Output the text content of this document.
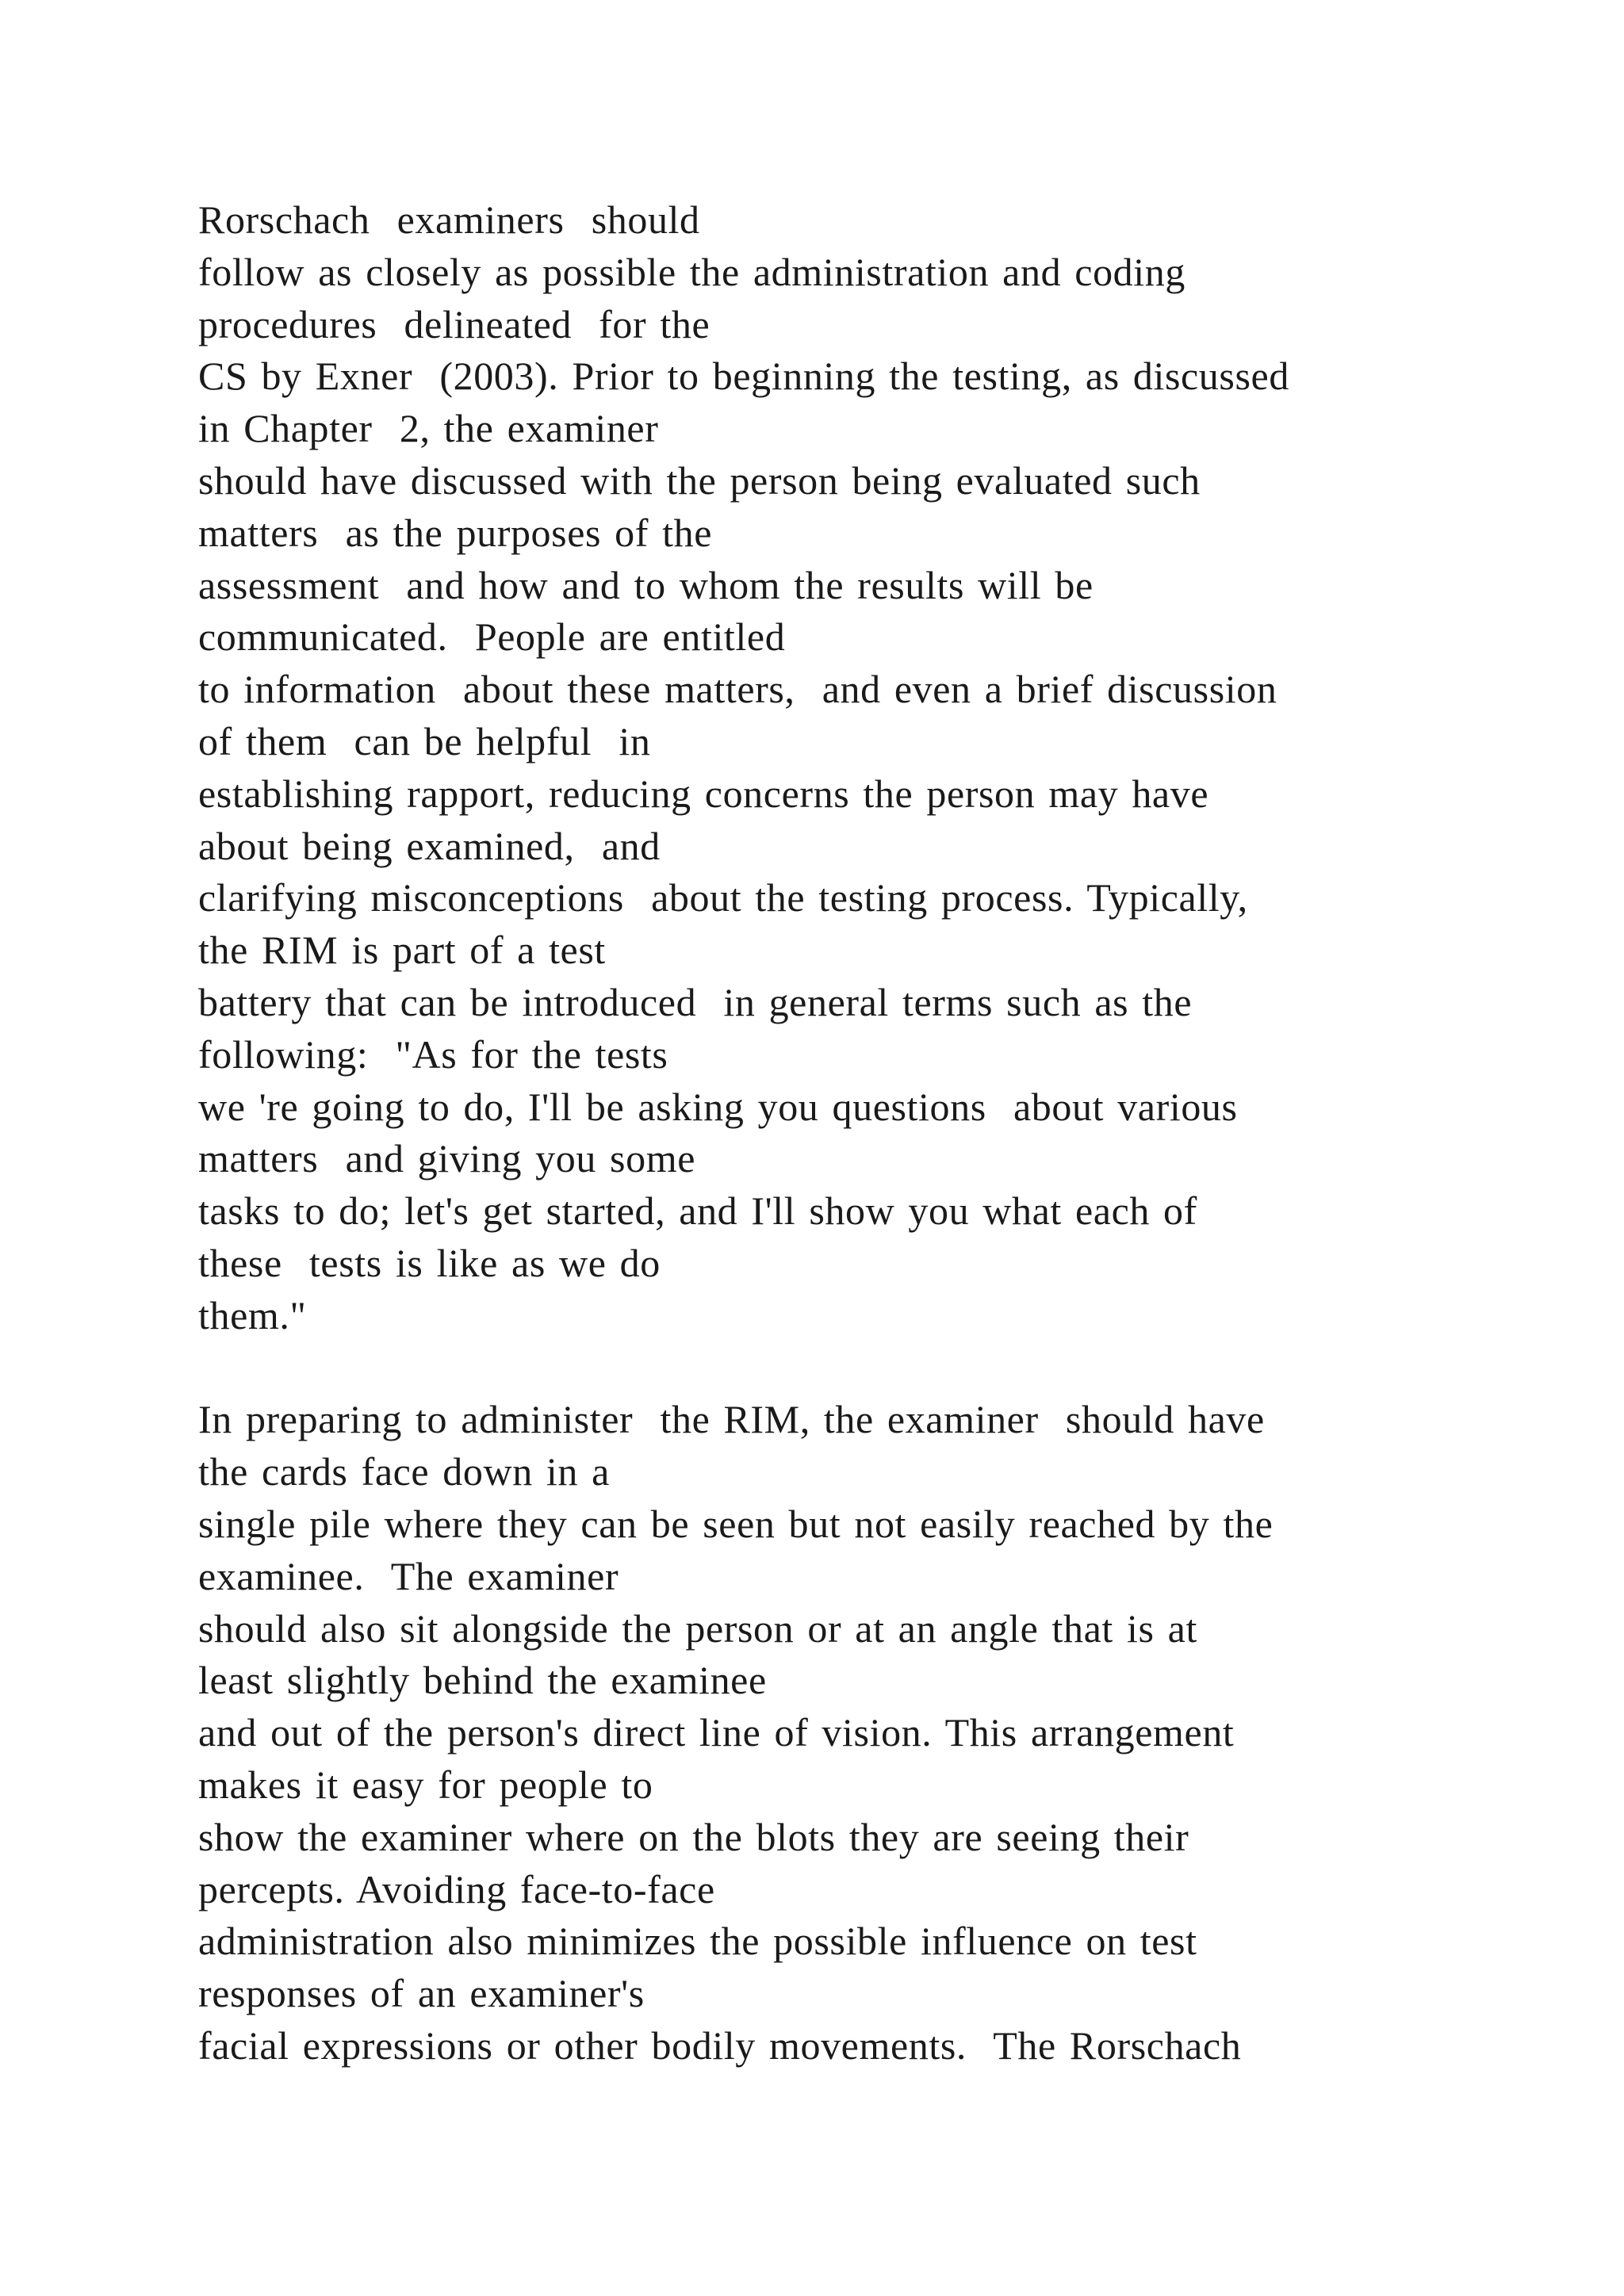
Rorschach  examiners  should
follow as closely as possible the administration and coding
procedures  delineated  for the
CS by Exner  (2003). Prior to beginning the testing, as discussed
in Chapter  2, the examiner
should have discussed with the person being evaluated such
matters  as the purposes of the
assessment  and how and to whom the results will be
communicated.  People are entitled
to information  about these matters,  and even a brief discussion
of them  can be helpful  in
establishing rapport, reducing concerns the person may have
about being examined,  and
clarifying misconceptions  about the testing process. Typically,
the RIM is part of a test
battery that can be introduced  in general terms such as the
following:  "As for the tests
we 're going to do, I'll be asking you questions  about various
matters  and giving you some
tasks to do; let's get started, and I'll show you what each of
these  tests is like as we do
them."
In preparing to administer  the RIM, the examiner  should have
the cards face down in a
single pile where they can be seen but not easily reached by the
examinee.  The examiner
should also sit alongside the person or at an angle that is at
least slightly behind the examinee
and out of the person's direct line of vision. This arrangement
makes it easy for people to
show the examiner where on the blots they are seeing their
percepts. Avoiding face-to-face
administration also minimizes the possible influence on test
responses of an examiner's
facial expressions or other bodily movements.  The Rorschach
